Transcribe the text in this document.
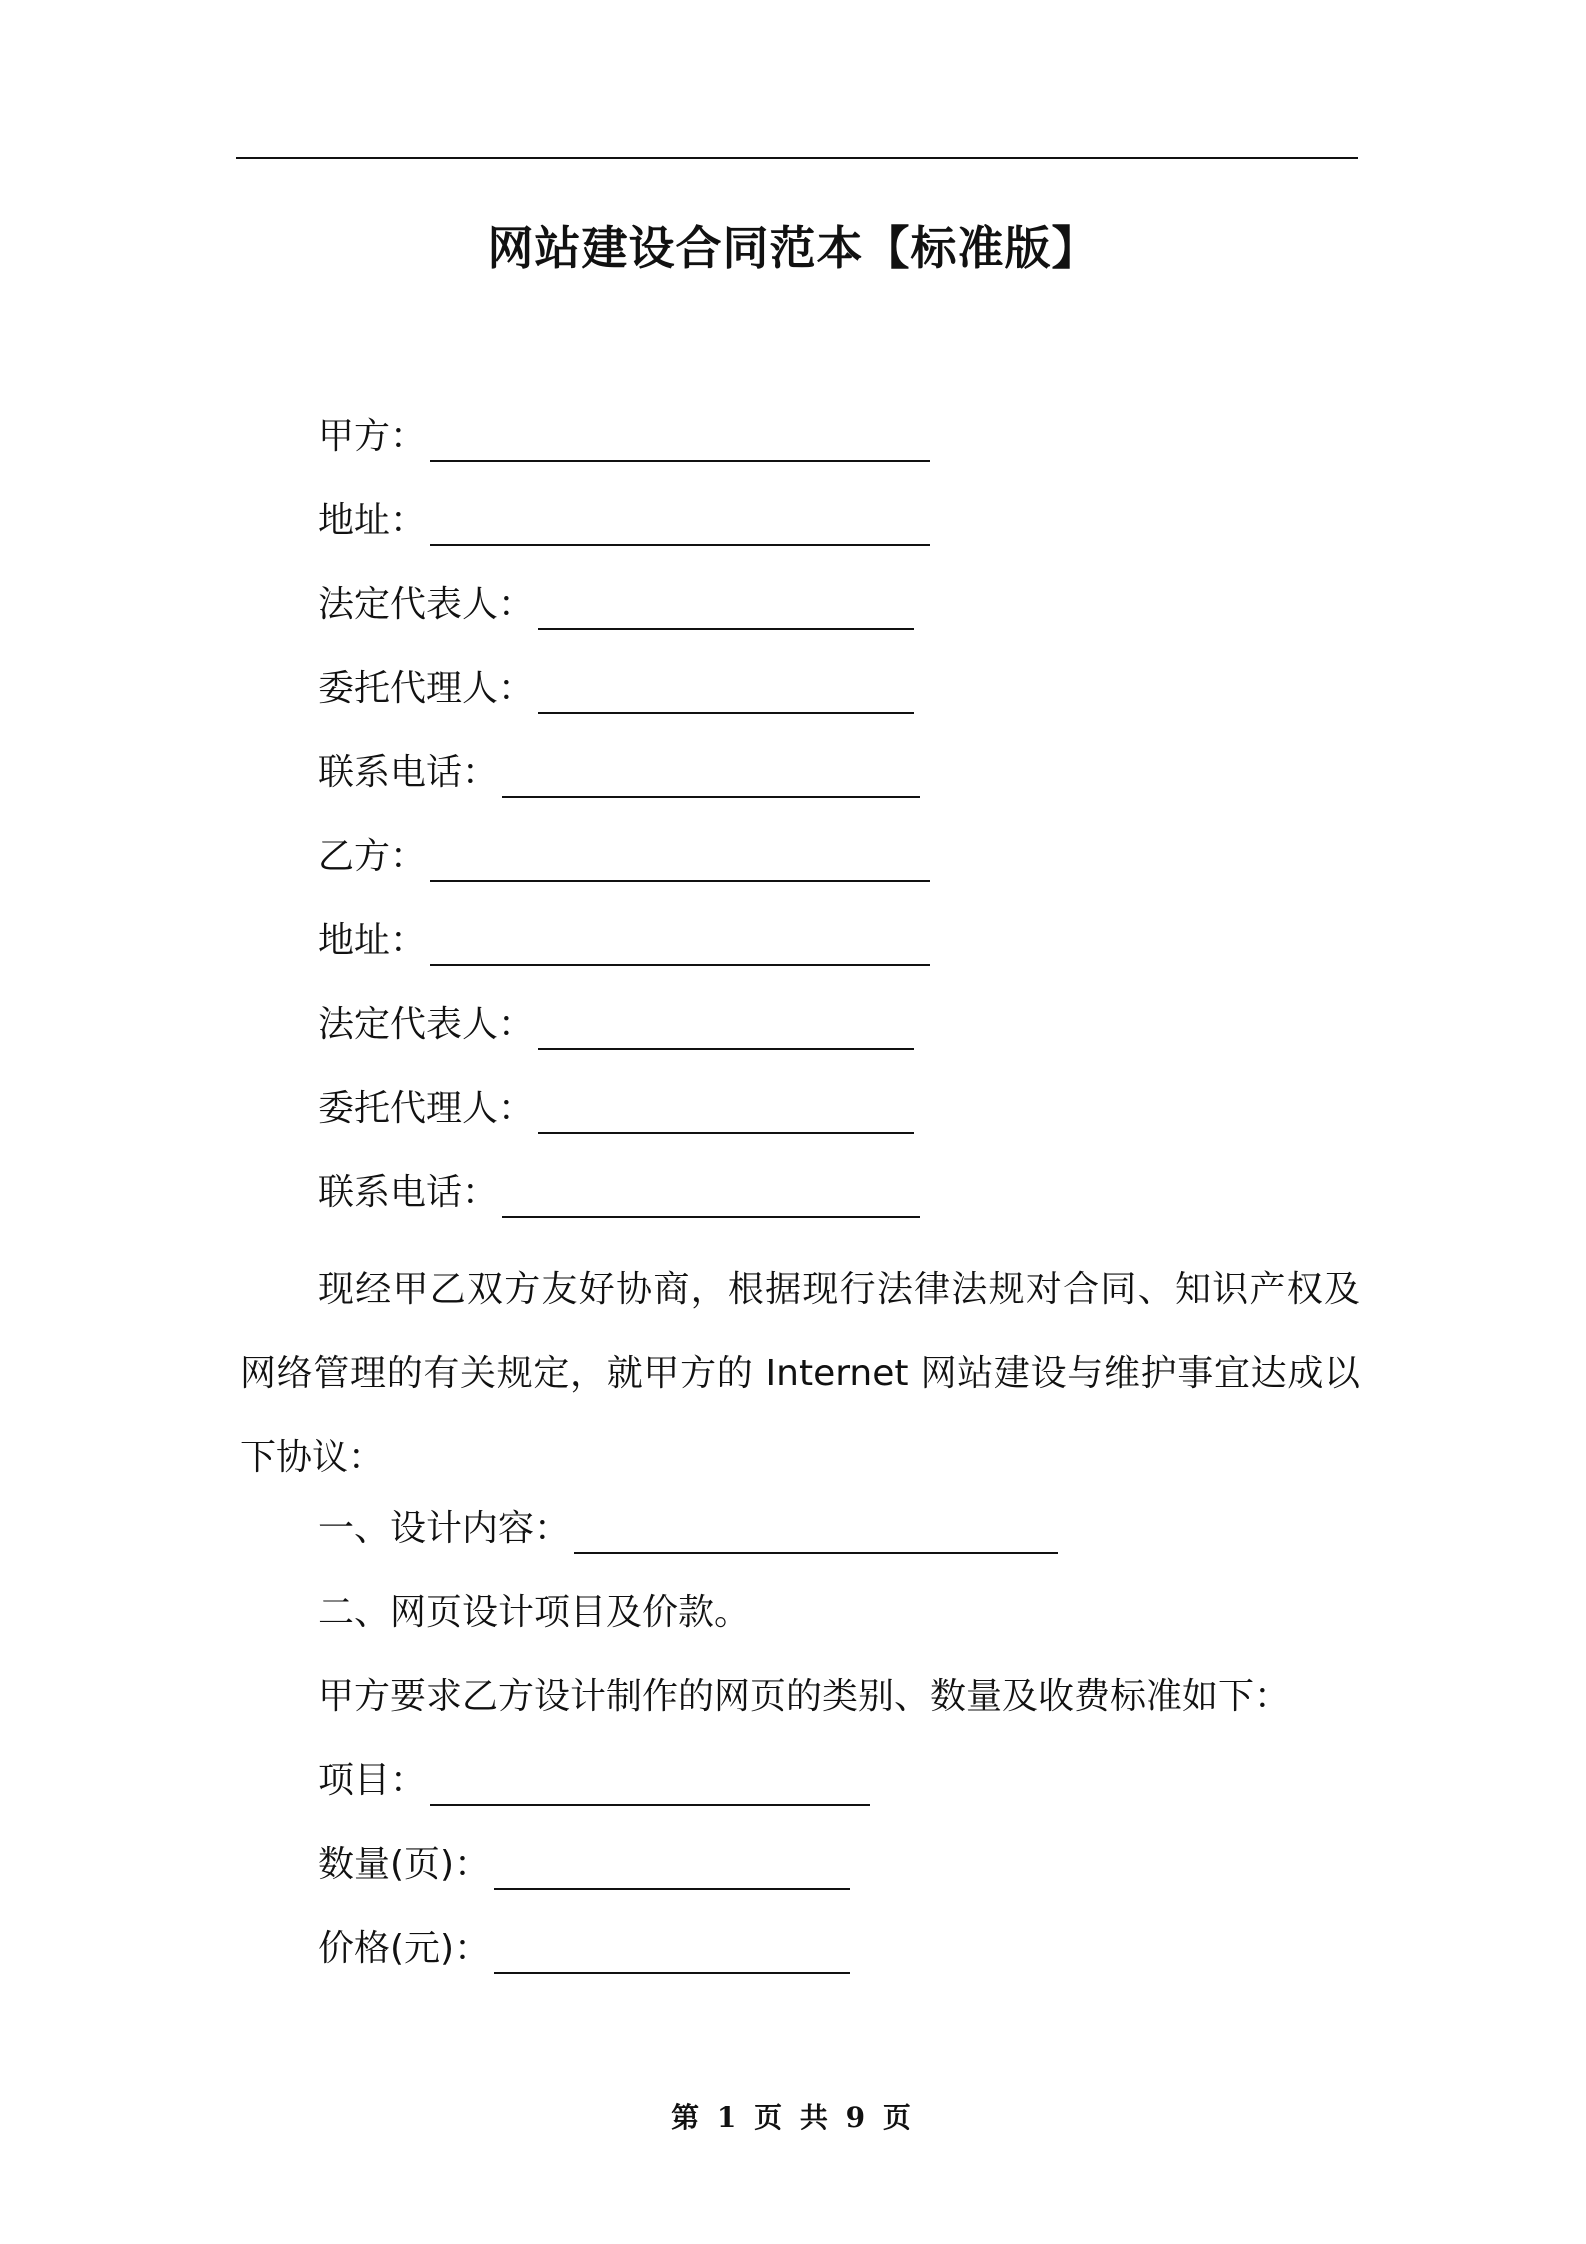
网站建设合同范本【标准版】
甲方：
地址：
法定代表人：
委托代理人：
联系电话：
乙方：
地址：
法定代表人：
委托代理人：
联系电话：
现经甲乙双方友好协商，根据现行法律法规对合同、知识产权及网络管理的有关规定，就甲方的 Internet 网站建设与维护事宜达成以下协议：
一、设计内容：
二、网页设计项目及价款。
甲方要求乙方设计制作的网页的类别、数量及收费标准如下：
项目：
数量(页)：
价格(元)：
第 1 页 共 9 页
